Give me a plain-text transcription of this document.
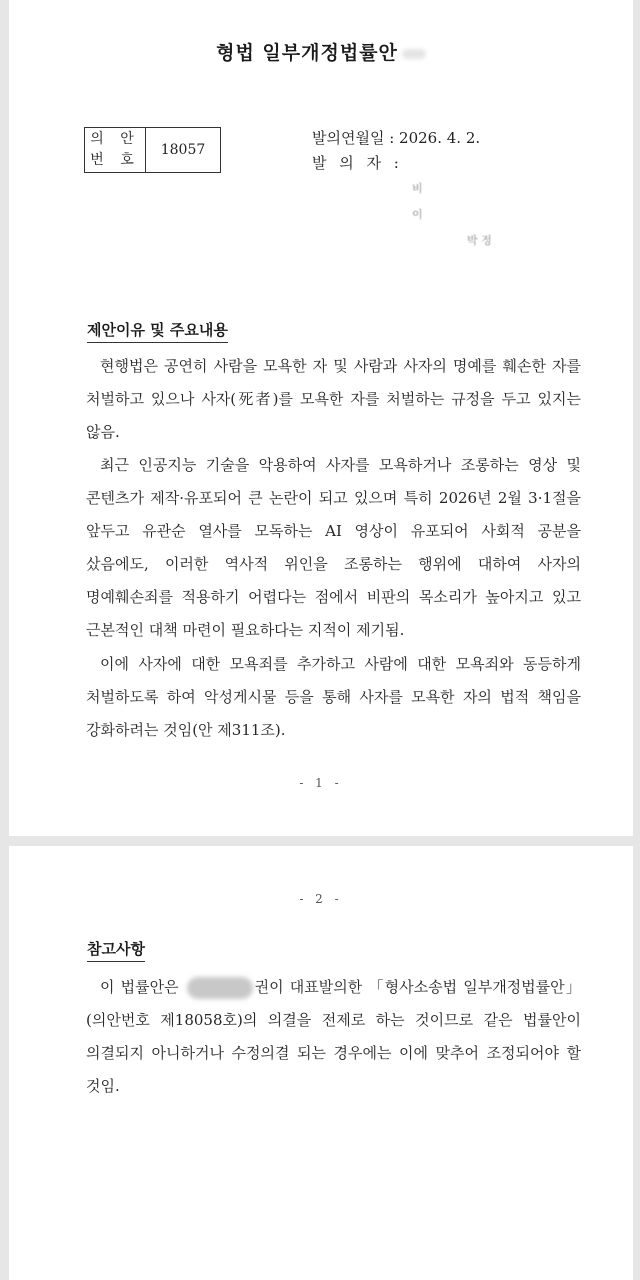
형법 일부개정법률안
의 안
번 호
	18057
발의연월일 : 2026. 4. 2.
발 의 자 :
비
이
박 정
제안이유 및 주요내용

현행법은 공연히 사람을 모욕한 자 및 사람과 사자의 명예를 훼손한 자를 처벌하고 있으나 사자(死者)를 모욕한 자를 처벌하는 규정을 두고 있지는 않음.

최근 인공지능 기술을 악용하여 사자를 모욕하거나 조롱하는 영상 및 콘텐츠가 제작·유포되어 큰 논란이 되고 있으며 특히 2026년 2월 3·1절을 앞두고 유관순 열사를 모독하는 AI 영상이 유포되어 사회적 공분을 샀음에도, 이러한 역사적 위인을 조롱하는 행위에 대하여 사자의 명예훼손죄를 적용하기 어렵다는 점에서 비판의 목소리가 높아지고 있고 근본적인 대책 마련이 필요하다는 지적이 제기됨.

이에 사자에 대한 모욕죄를 추가하고 사람에 대한 모욕죄와 동등하게 처벌하도록 하여 악성게시물 등을 통해 사자를 모욕한 자의 법적 책임을 강화하려는 것임(안 제311조).

- 1 -
- 2 -
참고사항

이 법률안은	권이 대표발의한 「형사소송법 일부개정법률안」(의안번호 제18058호)의 의결을 전제로 하는 것이므로 같은 법률안이 의결되지 아니하거나 수정의결 되는 경우에는 이에 맞추어 조정되어야 할 것임.
